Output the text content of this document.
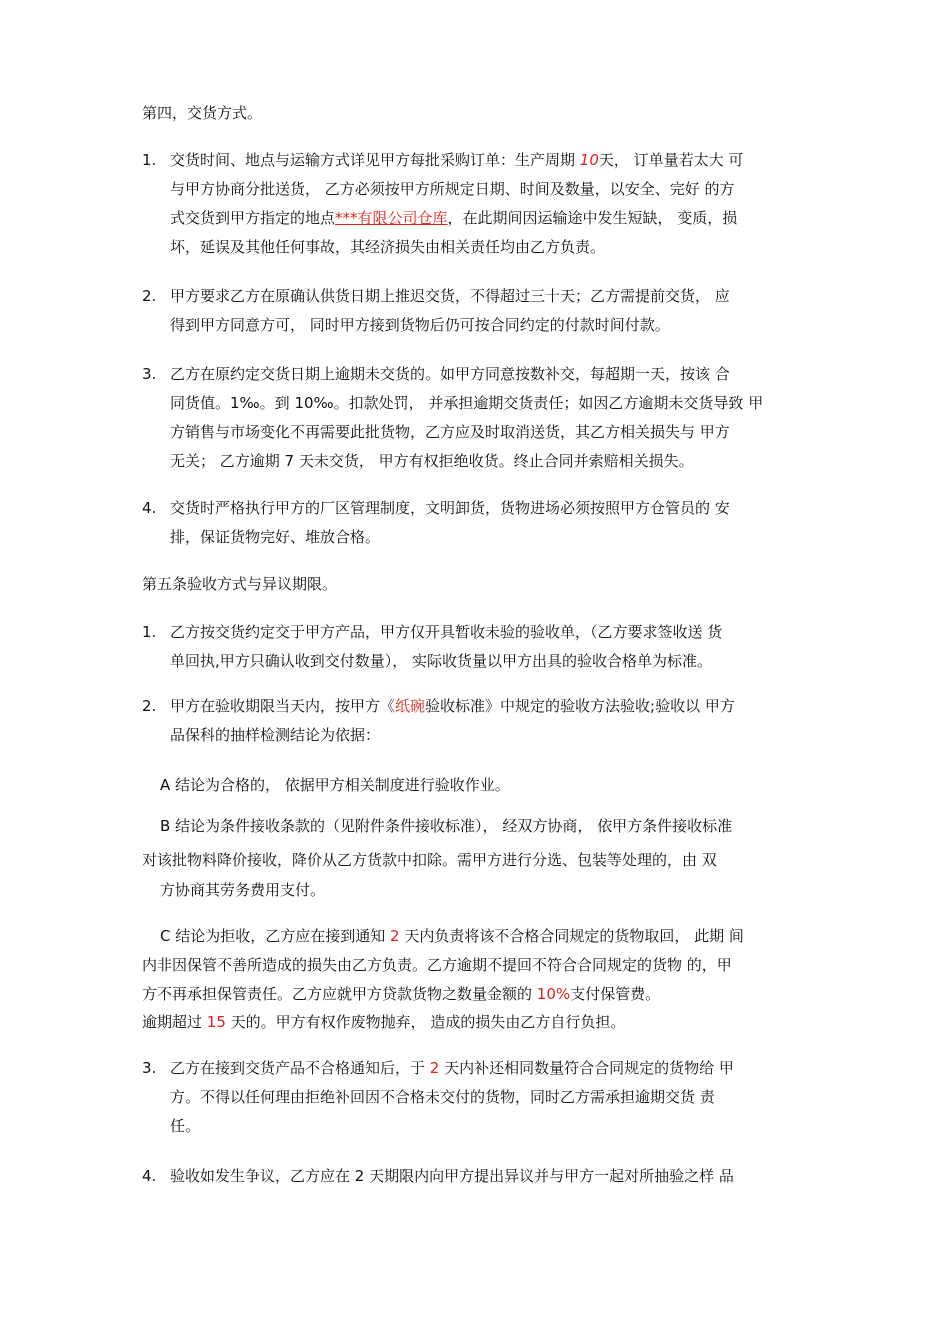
第四，交货方式。
1. 交货时间、地点与运输方式详见甲方每批采购订单：生产周期 10天， 订单量若太大 可
与甲方协商分批送货， 乙方必须按甲方所规定日期、时间及数量，以安全、完好 的方
式交货到甲方指定的地点***有限公司仓库，在此期间因运输途中发生短缺， 变质，损
坏，延误及其他任何事故，其经济损失由相关责任均由乙方负责。
2. 甲方要求乙方在原确认供货日期上推迟交货，不得超过三十天；乙方需提前交货， 应
得到甲方同意方可， 同时甲方接到货物后仍可按合同约定的付款时间付款。
3. 乙方在原约定交货日期上逾期未交货的。如甲方同意按数补交，每超期一天，按该 合
同货值。1‰。到 10‰。扣款处罚， 并承担逾期交货责任；如因乙方逾期未交货导致 甲
方销售与市场变化不再需要此批货物，乙方应及时取消送货，其乙方相关损失与 甲方
无关； 乙方逾期 7 天未交货， 甲方有权拒绝收货。终止合同并索赔相关损失。
4. 交货时严格执行甲方的厂区管理制度，文明卸货，货物进场必须按照甲方仓管员的 安
排，保证货物完好、堆放合格。
第五条验收方式与异议期限。
1. 乙方按交货约定交于甲方产品，甲方仅开具暂收未验的验收单，（乙方要求签收送 货
单回执,甲方只确认收到交付数量）， 实际收货量以甲方出具的验收合格单为标准。
2. 甲方在验收期限当天内，按甲方《纸碗验收标准》中规定的验收方法验收;验收以 甲方
品保科的抽样检测结论为依据：
A 结论为合格的， 依据甲方相关制度进行验收作业。
B 结论为条件接收条款的（见附件条件接收标准）， 经双方协商， 依甲方条件接收标准
对该批物料降价接收，降价从乙方货款中扣除。需甲方进行分选、包装等处理的，由 双
方协商其劳务费用支付。
C 结论为拒收，乙方应在接到通知 2 天内负责将该不合格合同规定的货物取回， 此期 间
内非因保管不善所造成的损失由乙方负责。乙方逾期不提回不符合合同规定的货物 的，甲
方不再承担保管责任。乙方应就甲方贷款货物之数量金额的 10%支付保管费。
逾期超过 15 天的。甲方有权作废物抛弃， 造成的损失由乙方自行负担。
3. 乙方在接到交货产品不合格通知后，于 2 天内补还相同数量符合合同规定的货物给 甲
方。不得以任何理由拒绝补回因不合格未交付的货物，同时乙方需承担逾期交货 责
任。
4. 验收如发生争议，乙方应在 2 天期限内向甲方提出异议并与甲方一起对所抽验之样 品
